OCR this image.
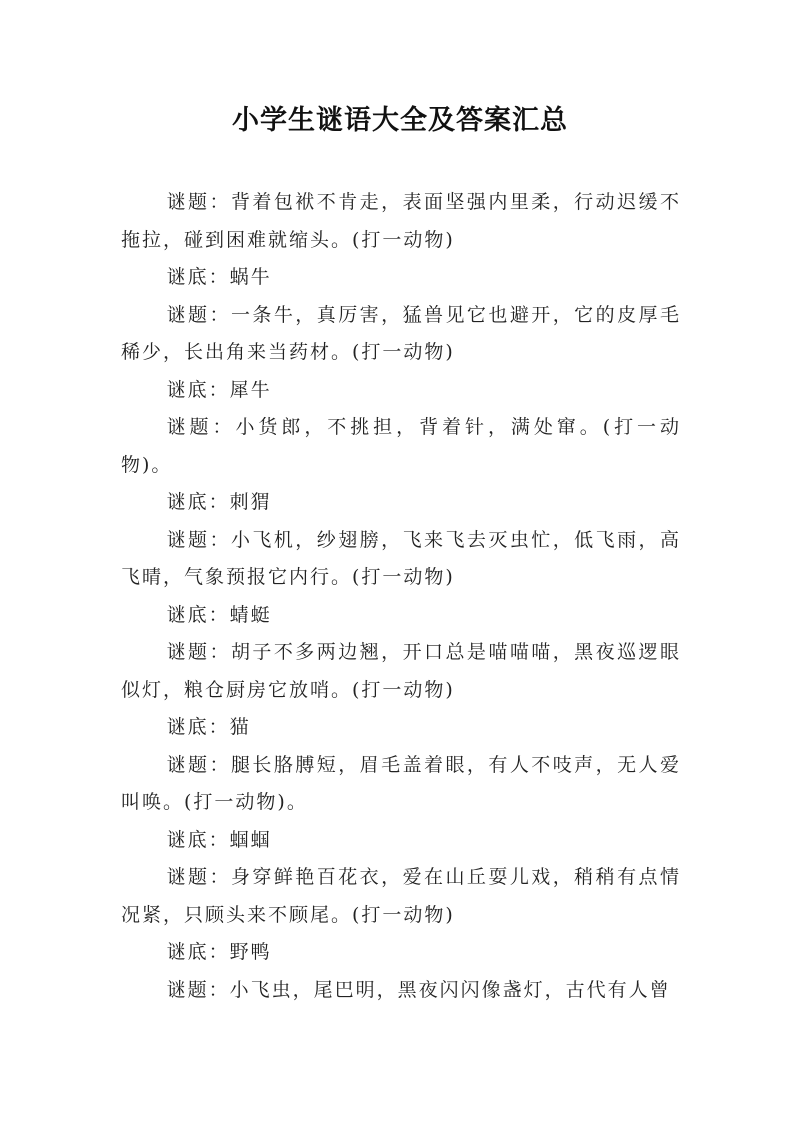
小学生谜语大全及答案汇总

谜题：背着包袱不肯走，表面坚强内里柔，行动迟缓不拖拉，碰到困难就缩头。(打一动物)

谜底：蜗牛

谜题：一条牛，真厉害，猛兽见它也避开，它的皮厚毛稀少，长出角来当药材。(打一动物)

谜底：犀牛

谜题：小货郎，不挑担，背着针，满处窜。(打一动物)。

谜底：刺猬

谜题：小飞机，纱翅膀，飞来飞去灭虫忙，低飞雨，高飞晴，气象预报它内行。(打一动物)

谜底：蜻蜓

谜题：胡子不多两边翘，开口总是喵喵喵，黑夜巡逻眼似灯，粮仓厨房它放哨。(打一动物)

谜底：猫

谜题：腿长胳膊短，眉毛盖着眼，有人不吱声，无人爱叫唤。(打一动物)。

谜底：蝈蝈

谜题：身穿鲜艳百花衣，爱在山丘耍儿戏，稍稍有点情况紧，只顾头来不顾尾。(打一动物)

谜底：野鸭

谜题：小飞虫，尾巴明，黑夜闪闪像盏灯，古代有人曾
